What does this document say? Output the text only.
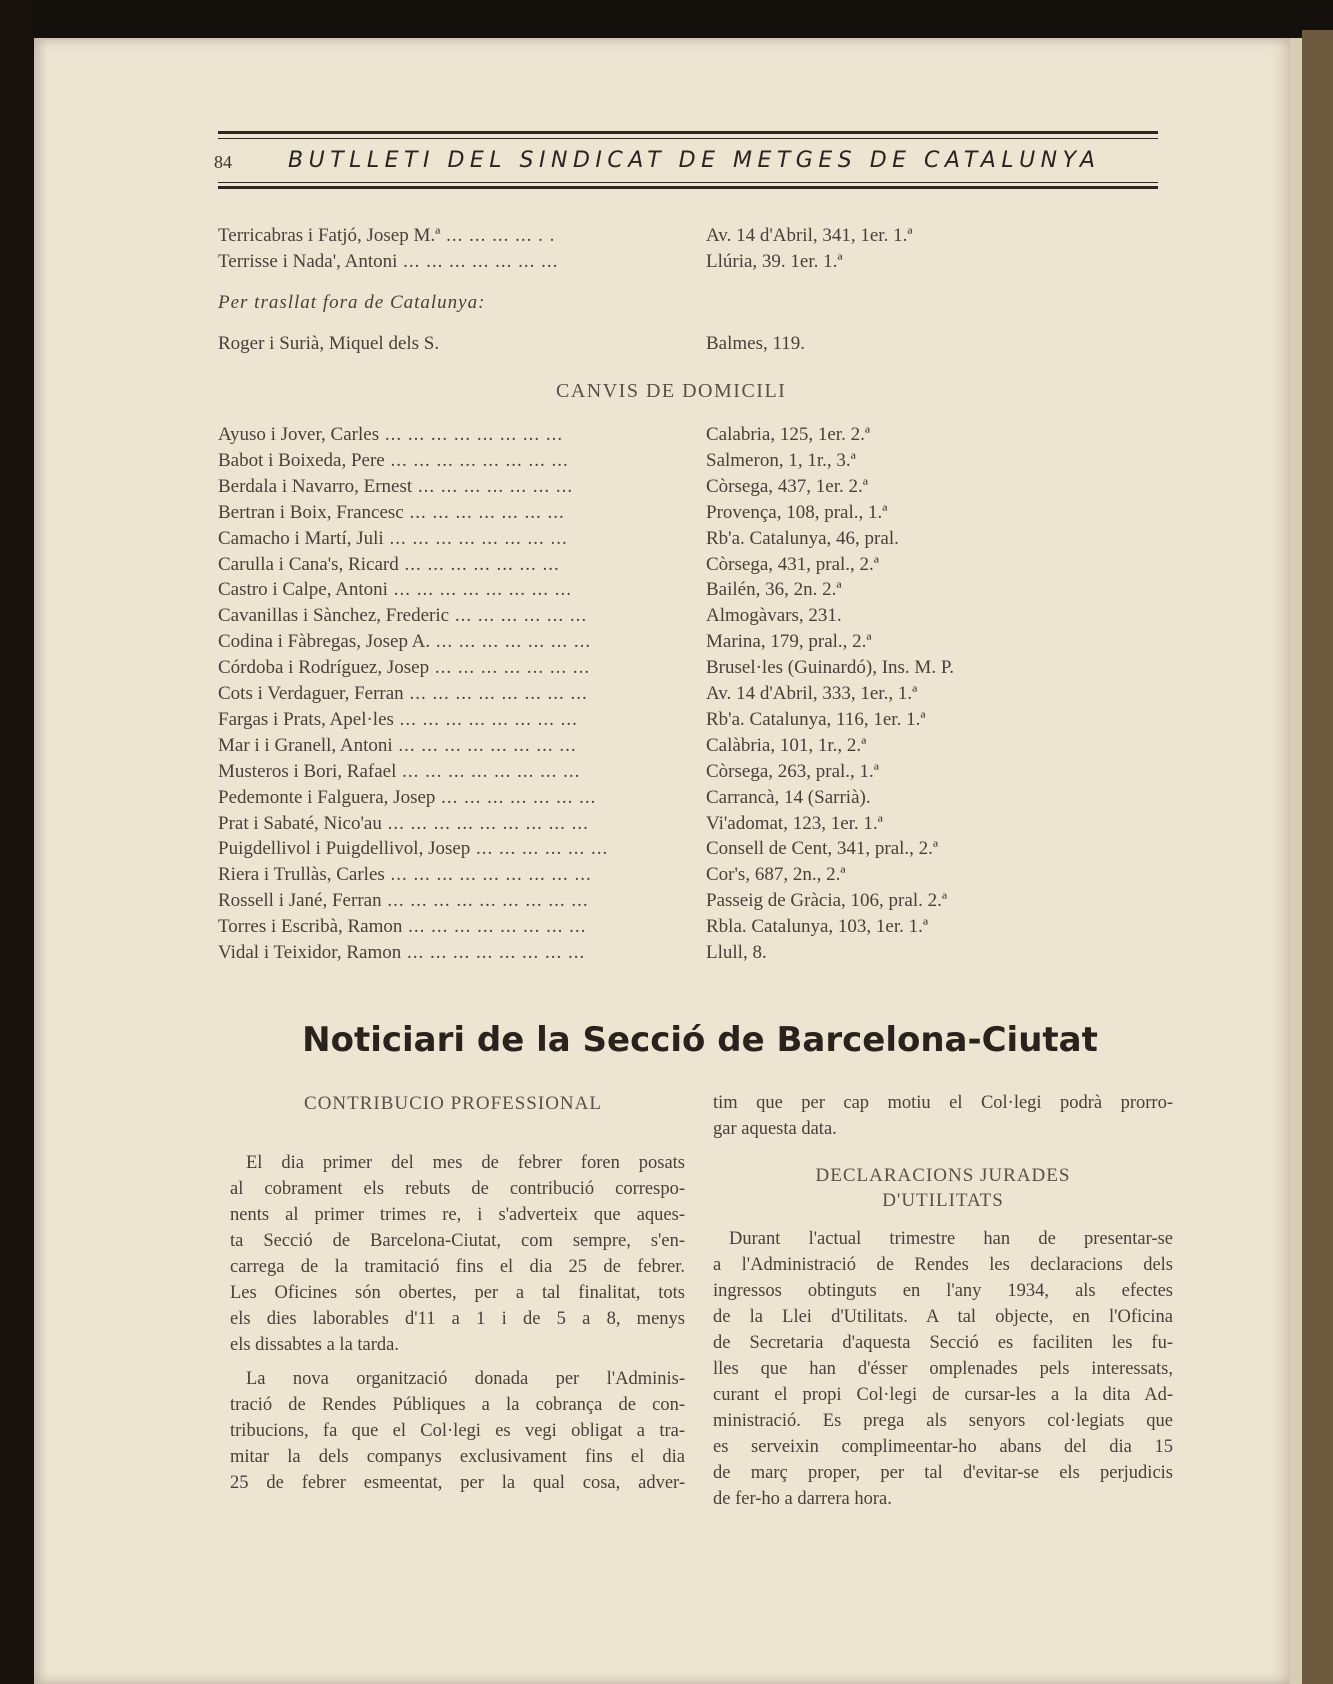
84	BUTLLETI DEL SINDICAT DE METGES DE CATALUNYA
Terricabras i Fatjó, Josep M.ª ... ... ... ... . .	Av. 14 d'Abril, 341, 1er. 1.ª
Terrisse i Nada', Antoni ... ... ... ... ... ... ...	Llúria, 39. 1er. 1.ª
Per trasllat fora de Catalunya:
Roger i Surià, Miquel dels S.	Balmes, 119.
CANVIS DE DOMICILI
Ayuso i Jover, Carles ... ... ... ... ... ... ... ...	Calabria, 125, 1er. 2.ª
Babot i Boixeda, Pere ... ... ... ... ... ... ... ...	Salmeron, 1, 1r., 3.ª
Berdala i Navarro, Ernest ... ... ... ... ... ... ...	Còrsega, 437, 1er. 2.ª
Bertran i Boix, Francesc ... ... ... ... ... ... ...	Provença, 108, pral., 1.ª
Camacho i Martí, Juli ... ... ... ... ... ... ... ...	Rb'a. Catalunya, 46, pral.
Carulla i Cana's, Ricard ... ... ... ... ... ... ...	Còrsega, 431, pral., 2.ª
Castro i Calpe, Antoni ... ... ... ... ... ... ... ...	Bailén, 36, 2n. 2.ª
Cavanillas i Sànchez, Frederic ... ... ... ... ... ...	Almogàvars, 231.
Codina i Fàbregas, Josep A. ... ... ... ... ... ... ...	Marina, 179, pral., 2.ª
Córdoba i Rodríguez, Josep ... ... ... ... ... ... ...	Brusel·les (Guinardó), Ins. M. P.
Cots i Verdaguer, Ferran ... ... ... ... ... ... ... ...	Av. 14 d'Abril, 333, 1er., 1.ª
Fargas i Prats, Apel·les ... ... ... ... ... ... ... ...	Rb'a. Catalunya, 116, 1er. 1.ª
Mar i i Granell, Antoni ... ... ... ... ... ... ... ...	Calàbria, 101, 1r., 2.ª
Musteros i Bori, Rafael ... ... ... ... ... ... ... ...	Còrsega, 263, pral., 1.ª
Pedemonte i Falguera, Josep ... ... ... ... ... ... ...	Carrancà, 14 (Sarrià).
Prat i Sabaté, Nico'au ... ... ... ... ... ... ... ... ...	Vi'adomat, 123, 1er. 1.ª
Puigdellivol i Puigdellivol, Josep ... ... ... ... ... ...	Consell de Cent, 341, pral., 2.ª
Riera i Trullàs, Carles ... ... ... ... ... ... ... ... ...	Cor's, 687, 2n., 2.ª
Rossell i Jané, Ferran ... ... ... ... ... ... ... ... ...	Passeig de Gràcia, 106, pral. 2.ª
Torres i Escribà, Ramon ... ... ... ... ... ... ... ...	Rbla. Catalunya, 103, 1er. 1.ª
Vidal i Teixidor, Ramon ... ... ... ... ... ... ... ...	Llull, 8.
Noticiari de la Secció de Barcelona-Ciutat
CONTRIBUCIO PROFESSIONAL

El dia primer del mes de febrer foren posats

al cobrament els rebuts de contribució correspo-

nents al primer trimes re, i s'adverteix que aques-

ta Secció de Barcelona-Ciutat, com sempre, s'en-

carrega de la tramitació fins el dia 25 de febrer.

Les Oficines són obertes, per a tal finalitat, tots

els dies laborables d'11 a 1 i de 5 a 8, menys

els dissabtes a la tarda.

La nova organització donada per l'Adminis-

tració de Rendes Públiques a la cobrança de con-

tribucions, fa que el Col·legi es vegi obligat a tra-

mitar la dels companys exclusivament fins el dia

25 de febrer esmeentat, per la qual cosa, adver-

tim que per cap motiu el Col·legi podrà prorro-

gar aquesta data.

DECLARACIONS JURADES
D'UTILITATS

Durant l'actual trimestre han de presentar-se

a l'Administració de Rendes les declaracions dels

ingressos obtinguts en l'any 1934, als efectes

de la Llei d'Utilitats. A tal objecte, en l'Oficina

de Secretaria d'aquesta Secció es faciliten les fu-

lles que han d'ésser omplenades pels interessats,

curant el propi Col·legi de cursar-les a la dita Ad-

ministració. Es prega als senyors col·legiats que

es serveixin complimeentar-ho abans del dia 15

de març proper, per tal d'evitar-se els perjudicis

de fer-ho a darrera hora.
